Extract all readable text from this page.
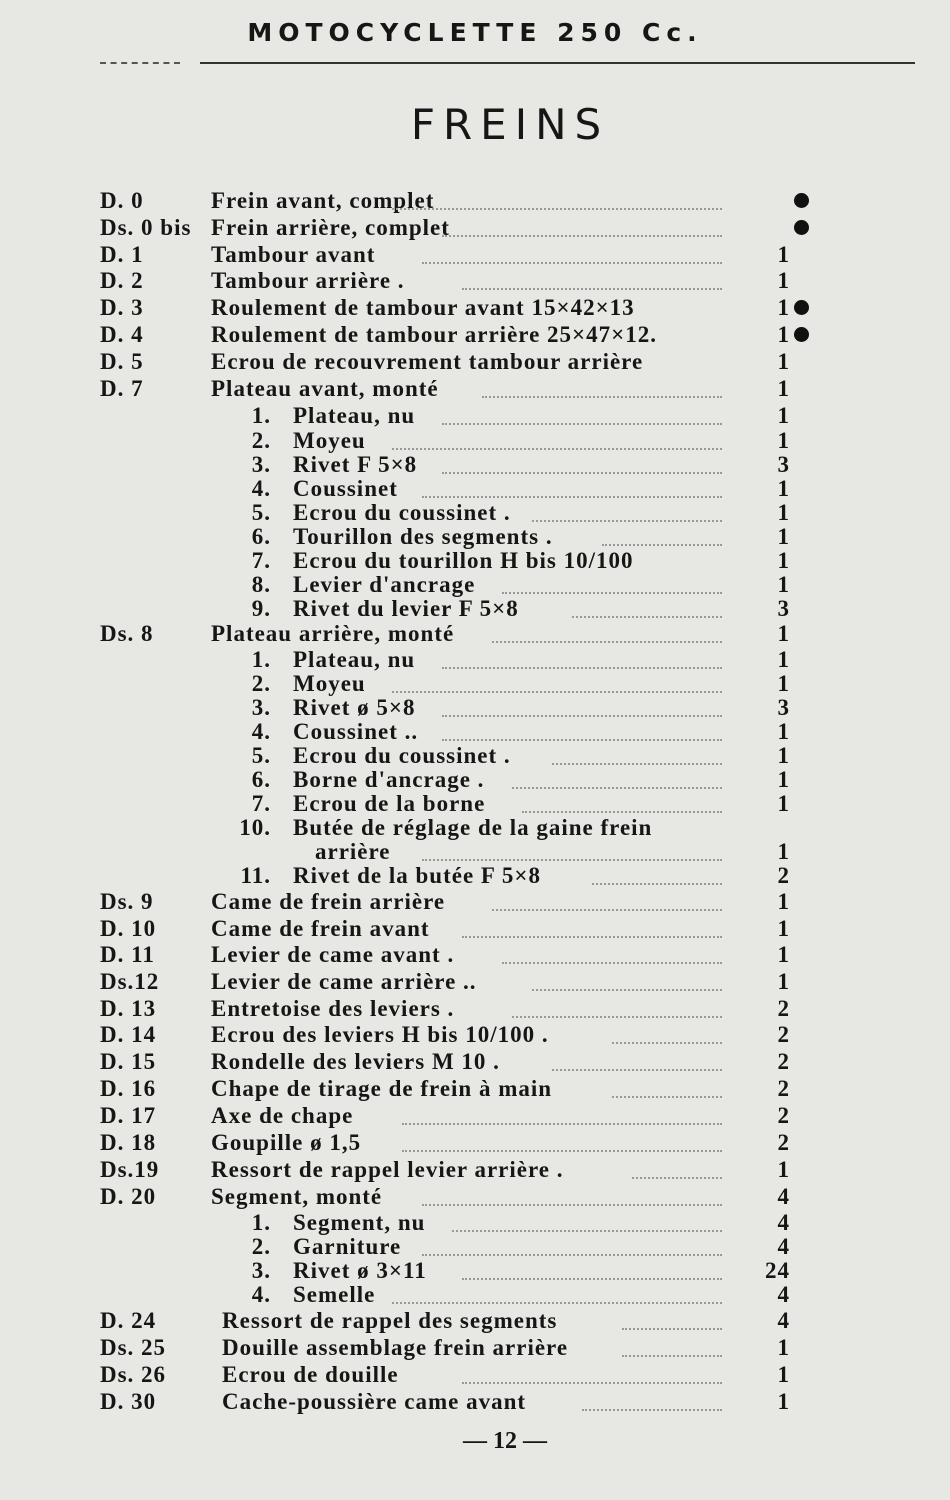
MOTOCYCLETTE 250 Cc.
FREINS
D. 0	Frein avant, complet
Ds. 0 bis Frein arrière, complet
D. 1	Tambour avant	1
D. 2	Tambour arrière .	1
D. 3	Roulement de tambour avant 15×42×13	1
D. 4	Roulement de tambour arrière 25×47×12.	1
D. 5	Ecrou de recouvrement tambour arrière	1
D. 7	Plateau avant, monté	1
1. Plateau, nu	1
2. Moyeu	1
3. Rivet F 5×8	3
4. Coussinet	1
5. Ecrou du coussinet .	1
6. Tourillon des segments .	1
7. Ecrou du tourillon H bis 10/100	1
8. Levier d'ancrage	1
9. Rivet du levier F 5×8	3
Ds. 8 Plateau arrière, monté	1
1. Plateau, nu	1
2. Moyeu	1
3. Rivet ø 5×8	3
4. Coussinet ..	1
5. Ecrou du coussinet .	1
6. Borne d'ancrage .	1
7. Ecrou de la borne	1
10. Butée de réglage de la gaine frein
arrière	1
11. Rivet de la butée F 5×8	2
Ds. 9 Came de frein arrière	1
D. 10 Came de frein avant	1
D. 11 Levier de came avant .	1
Ds.12 Levier de came arrière ..	1
D. 13 Entretoise des leviers .	2
D. 14 Ecrou des leviers H bis 10/100 .	2
D. 15 Rondelle des leviers M 10 .	2
D. 16 Chape de tirage de frein à main	2
D. 17 Axe de chape	2
D. 18 Goupille ø 1,5	2
Ds.19 Ressort de rappel levier arrière .	1
D. 20 Segment, monté	4
1. Segment, nu	4
2. Garniture	4
3. Rivet ø 3×11	24
4. Semelle	4
D. 24	Ressort de rappel des segments	4
Ds. 25 Douille assemblage frein arrière	1
Ds. 26 Ecrou de douille	1
D. 30	Cache-poussière came avant	1
— 12 —
